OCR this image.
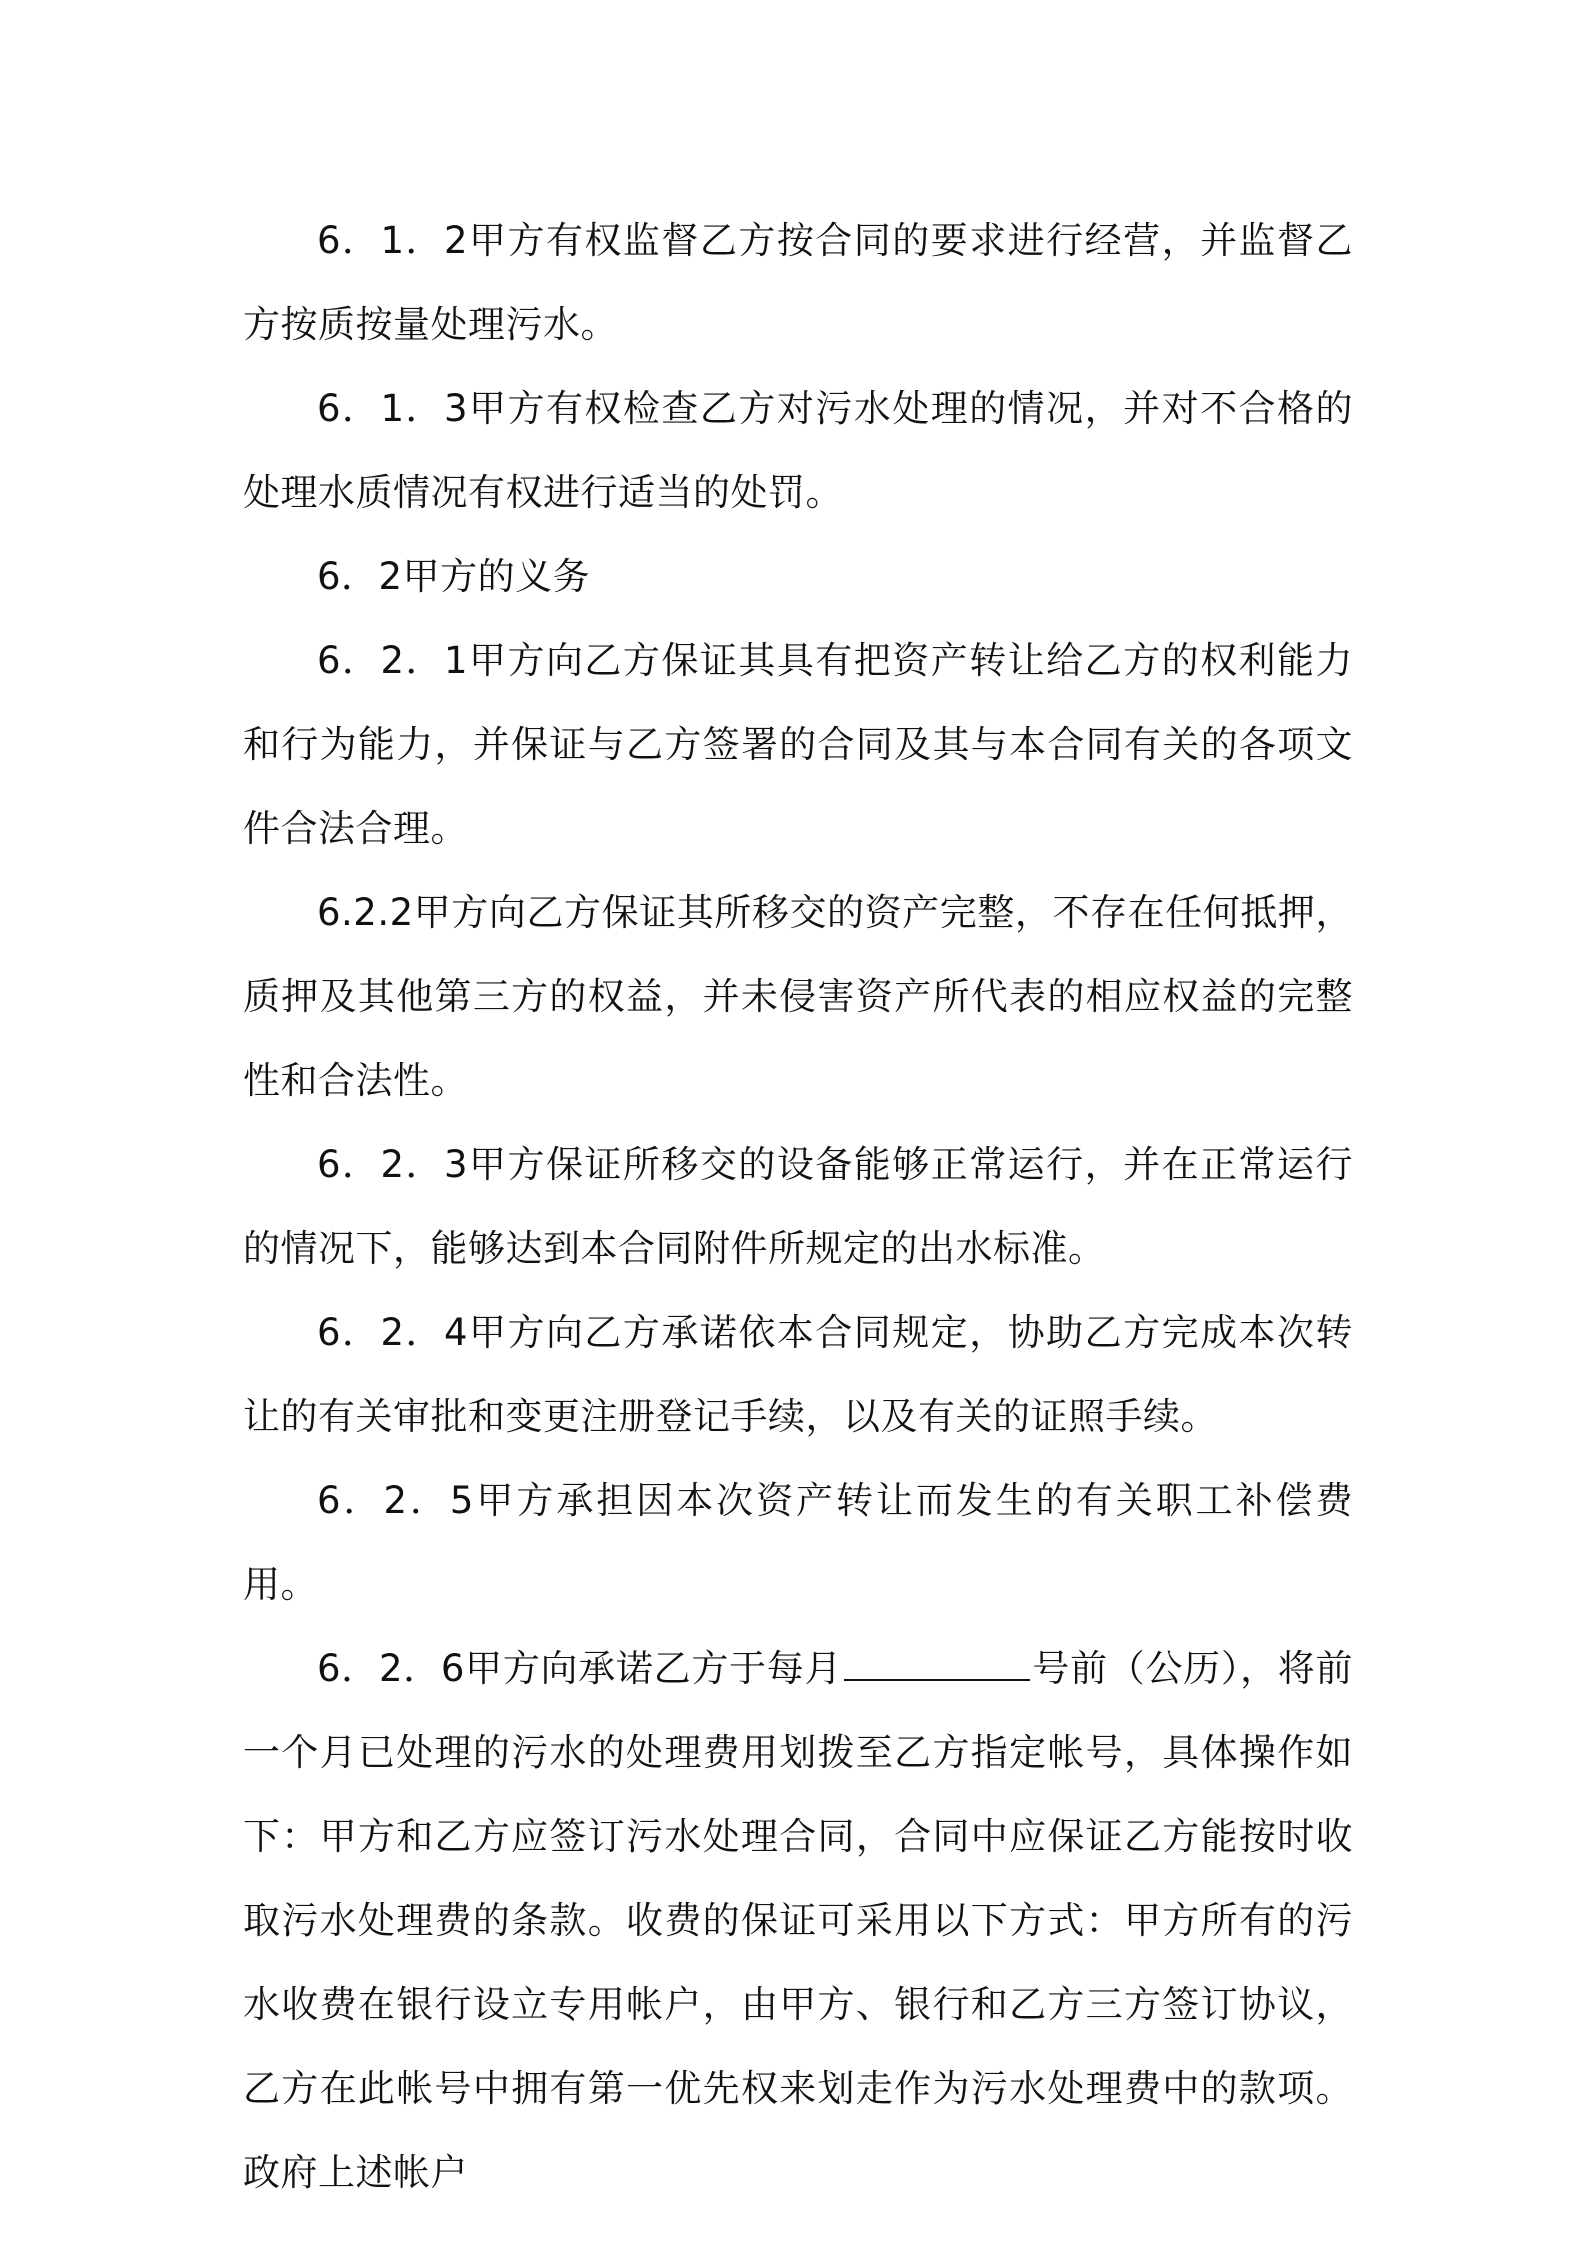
6．1．2甲方有权监督乙方按合同的要求进行经营，并监督乙方按质按量处理污水。

6．1．3甲方有权检查乙方对污水处理的情况，并对不合格的处理水质情况有权进行适当的处罚。

6．2甲方的义务

6．2．1甲方向乙方保证其具有把资产转让给乙方的权利能力和行为能力，并保证与乙方签署的合同及其与本合同有关的各项文件合法合理。

6.2.2甲方向乙方保证其所移交的资产完整，不存在任何抵押，质押及其他第三方的权益，并未侵害资产所代表的相应权益的完整性和合法性。

6．2．3甲方保证所移交的设备能够正常运行，并在正常运行的情况下，能够达到本合同附件所规定的出水标准。

6．2．4甲方向乙方承诺依本合同规定，协助乙方完成本次转让的有关审批和变更注册登记手续，以及有关的证照手续。

6．2．5甲方承担因本次资产转让而发生的有关职工补偿费用。

6．2．6甲方向承诺乙方于每月	号前（公历），将前一个月已处理的污水的处理费用划拨至乙方指定帐号，具体操作如下：甲方和乙方应签订污水处理合同，合同中应保证乙方能按时收取污水处理费的条款。收费的保证可采用以下方式：甲方所有的污水收费在银行设立专用帐户，由甲方、银行和乙方三方签订协议，乙方在此帐号中拥有第一优先权来划走作为污水处理费中的款项。政府上述帐户
